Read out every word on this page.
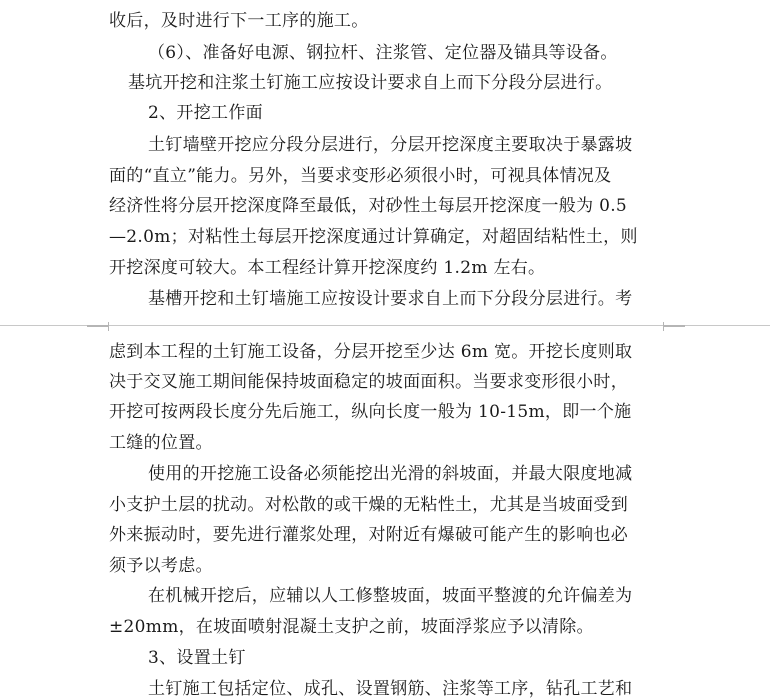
收后，及时进行下一工序的施工。
（6）、准备好电源、钢拉杆、注浆管、定位器及锚具等设备。
基坑开挖和注浆土钉施工应按设计要求自上而下分段分层进行。
2、开挖工作面
土钉墙壁开挖应分段分层进行，分层开挖深度主要取决于暴露坡
面的“直立”能力。另外，当要求变形必须很小时，可视具体情况及
经济性将分层开挖深度降至最低，对砂性土每层开挖深度一般为 0.5
—2.0m；对粘性土每层开挖深度通过计算确定，对超固结粘性土，则
开挖深度可较大。本工程经计算开挖深度约 1.2m 左右。
基槽开挖和土钉墙施工应按设计要求自上而下分段分层进行。考
虑到本工程的土钉施工设备，分层开挖至少达 6m 宽。开挖长度则取
决于交叉施工期间能保持坡面稳定的坡面面积。当要求变形很小时，
开挖可按两段长度分先后施工，纵向长度一般为 10-15m，即一个施
工缝的位置。
使用的开挖施工设备必须能挖出光滑的斜坡面，并最大限度地减
小支护土层的扰动。对松散的或干燥的无粘性土，尤其是当坡面受到
外来振动时，要先进行灌浆处理，对附近有爆破可能产生的影响也必
须予以考虑。
在机械开挖后，应辅以人工修整坡面，坡面平整渡的允许偏差为
±20mm，在坡面喷射混凝土支护之前，坡面浮浆应予以清除。
3、设置土钉
土钉施工包括定位、成孔、设置钢筋、注浆等工序，钻孔工艺和
